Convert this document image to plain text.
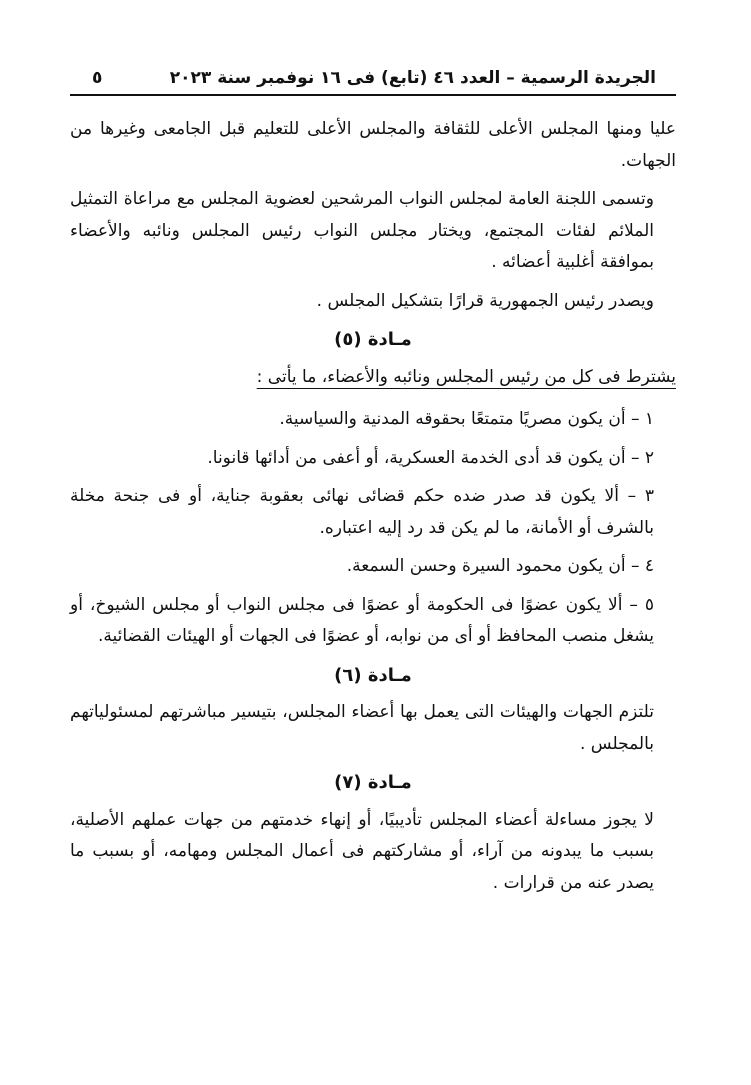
الجريدة الرسمية – العدد ٤٦ (تابع) فى ١٦ نوفمبر سنة ٢٠٢٣
٥

عليا ومنها المجلس الأعلى للثقافة والمجلس الأعلى للتعليم قبل الجامعى وغيرها من الجهات.

وتسمى اللجنة العامة لمجلس النواب المرشحين لعضوية المجلس مع مراعاة التمثيل الملائم لفئات المجتمع، ويختار مجلس النواب رئيس المجلس ونائبه والأعضاء بموافقة أغلبية أعضائه .

ويصدر رئيس الجمهورية قرارًا بتشكيل المجلس .

مـادة (٥)
يشترط فى كل من رئيس المجلس ونائبه والأعضاء، ما يأتى :

١ – أن يكون مصريًا متمتعًا بحقوقه المدنية والسياسية.

٢ – أن يكون قد أدى الخدمة العسكرية، أو أعفى من أدائها قانونا.

٣ – ألا يكون قد صدر ضده حكم قضائى نهائى بعقوبة جناية، أو فى جنحة مخلة بالشرف أو الأمانة، ما لم يكن قد رد إليه اعتباره.

٤ – أن يكون محمود السيرة وحسن السمعة.

٥ – ألا يكون عضوًا فى الحكومة أو عضوًا فى مجلس النواب أو مجلس الشيوخ، أو يشغل منصب المحافظ أو أى من نوابه، أو عضوًا فى الجهات أو الهيئات القضائية.

مـادة (٦)

تلتزم الجهات والهيئات التى يعمل بها أعضاء المجلس، بتيسير مباشرتهم لمسئولياتهم بالمجلس .

مـادة (٧)

لا يجوز مساءلة أعضاء المجلس تأديبيًا، أو إنهاء خدمتهم من جهات عملهم الأصلية، بسبب ما يبدونه من آراء، أو مشاركتهم فى أعمال المجلس ومهامه، أو بسبب ما يصدر عنه من قرارات .
